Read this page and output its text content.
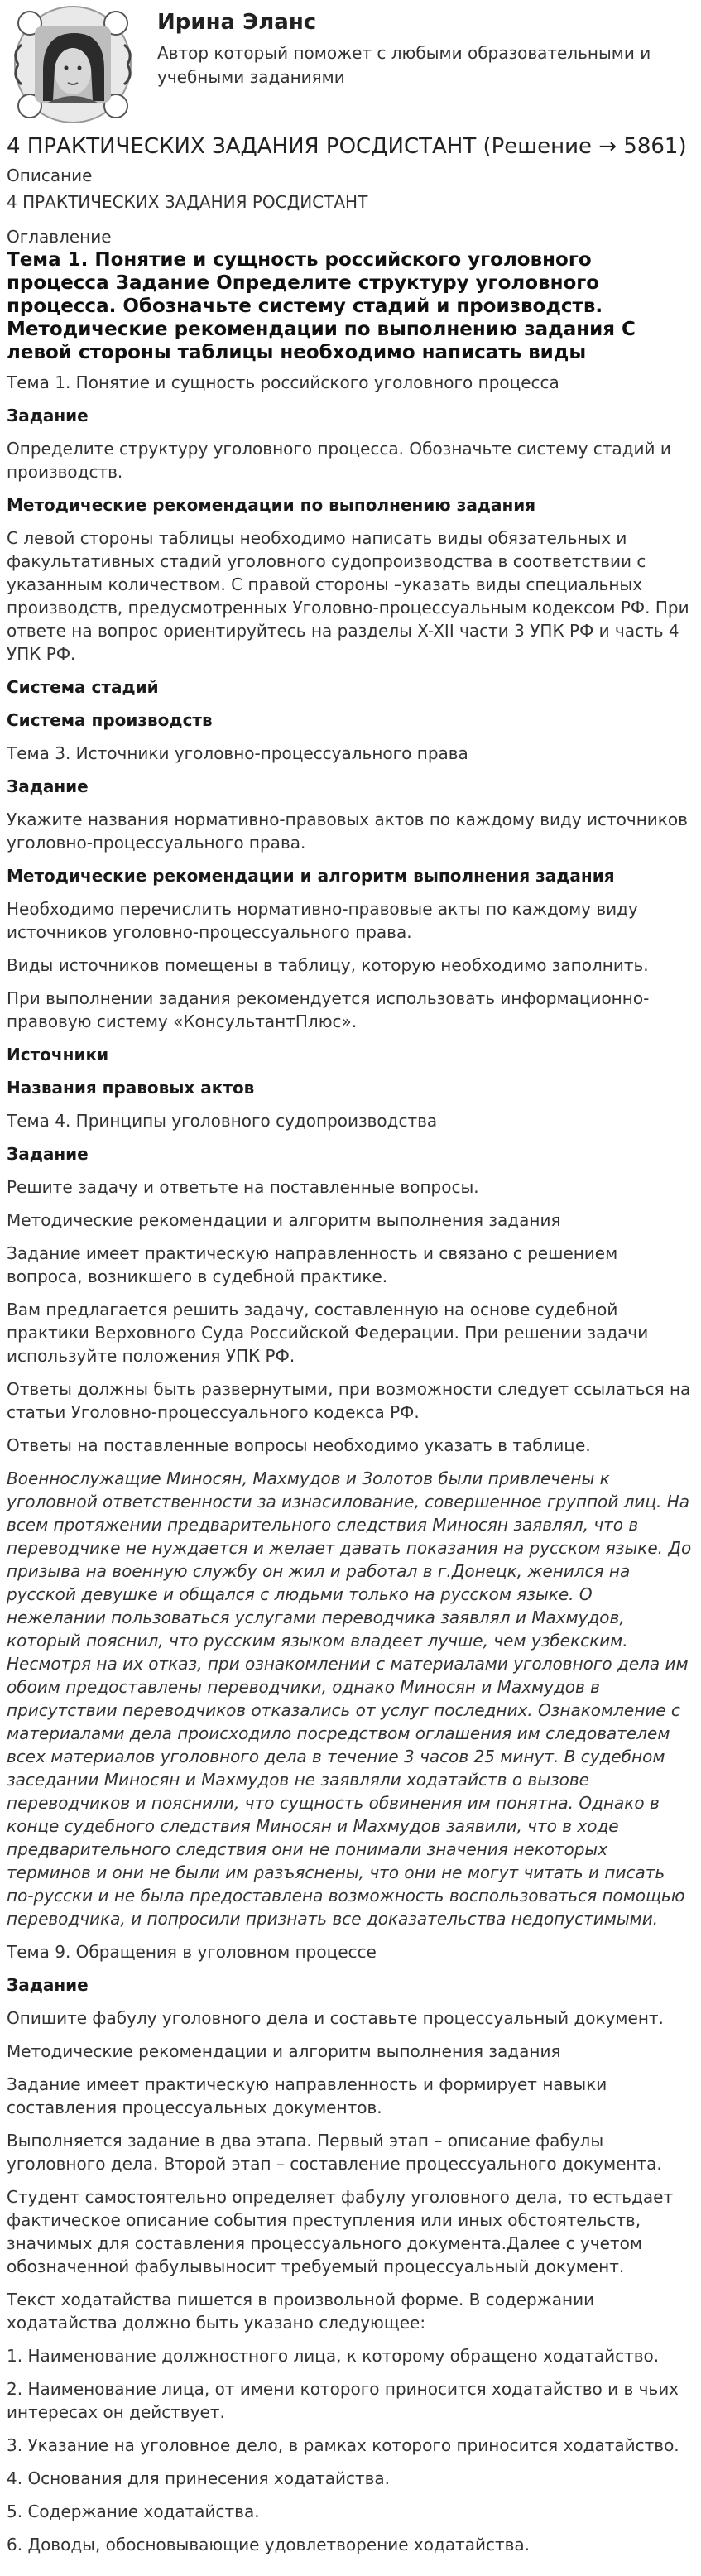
Ирина Эланс
Автор который поможет с любыми образовательными и учебными заданиями
4 ПРАКТИЧЕСКИХ ЗАДАНИЯ РОСДИСТАНТ (Решение → 5861)
Описание
4 ПРАКТИЧЕСКИХ ЗАДАНИЯ РОСДИСТАНТ
Оглавление
Тема 1. Понятие и сущность российского уголовного процесса Задание Определите структуру уголовного процесса. Обозначьте систему стадий и производств. Методические рекомендации по выполнению задания С левой стороны таблицы необходимо написать виды

Тема 1. Понятие и сущность российского уголовного процесса

Задание

Определите структуру уголовного процесса. Обозначьте систему стадий и производств.

Методические рекомендации по выполнению задания

С левой стороны таблицы необходимо написать виды обязательных и факультативных стадий уголовного судопроизводства в соответствии с указанным количеством. С правой стороны –указать виды специальных производств, предусмотренных Уголовно-процессуальным кодексом РФ. При ответе на вопрос ориентируйтесь на разделы X-XII части 3 УПК РФ и часть 4 УПК РФ.

Система стадий

Система производств

Тема 3. Источники уголовно-процессуального права

Задание

Укажите названия нормативно-правовых актов по каждому виду источников уголовно-процессуального права.

Методические рекомендации и алгоритм выполнения задания

Необходимо перечислить нормативно-правовые акты по каждому виду источников уголовно-процессуального права.

Виды источников помещены в таблицу, которую необходимо заполнить.

При выполнении задания рекомендуется использовать информационно-правовую систему «КонсультантПлюс».

Источники

Названия правовых актов

Тема 4. Принципы уголовного судопроизводства

Задание

Решите задачу и ответьте на поставленные вопросы.

Методические рекомендации и алгоритм выполнения задания

Задание имеет практическую направленность и связано с решением вопроса, возникшего в судебной практике.

Вам предлагается решить задачу, составленную на основе судебной практики Верховного Суда Российской Федерации. При решении задачи используйте положения УПК РФ.

Ответы должны быть развернутыми, при возможности следует ссылаться на статьи Уголовно-процессуального кодекса РФ.

Ответы на поставленные вопросы необходимо указать в таблице.

Военнослужащие Миносян, Махмудов и Золотов были привлечены к уголовной ответственности за изнасилование, совершенное группой лиц. На всем протяжении предварительного следствия Миносян заявлял, что в переводчике не нуждается и желает давать показания на русском языке. До призыва на военную службу он жил и работал в г.Донецк, женился на русской девушке и общался с людьми только на русском языке. О нежелании пользоваться услугами переводчика заявлял и Махмудов, который пояснил, что русским языком владеет лучше, чем узбекским. Несмотря на их отказ, при ознакомлении с материалами уголовного дела им обоим предоставлены переводчики, однако Миносян и Махмудов в присутствии переводчиков отказались от услуг последних. Ознакомление с материалами дела происходило посредством оглашения им следователем всех материалов уголовного дела в течение 3 часов 25 минут. В судебном заседании Миносян и Махмудов не заявляли ходатайств о вызове переводчиков и пояснили, что сущность обвинения им понятна. Однако в конце судебного следствия Миносян и Махмудов заявили, что в ходе предварительного следствия они не понимали значения некоторых терминов и они не были им разъяснены, что они не могут читать и писать по-русски и не была предоставлена возможность воспользоваться помощью переводчика, и попросили признать все доказательства недопустимыми.

Тема 9. Обращения в уголовном процессе

Задание

Опишите фабулу уголовного дела и составьте процессуальный документ.

Методические рекомендации и алгоритм выполнения задания

Задание имеет практическую направленность и формирует навыки составления процессуальных документов.

Выполняется задание в два этапа. Первый этап – описание фабулы уголовного дела. Второй этап – составление процессуального документа.

Студент самостоятельно определяет фабулу уголовного дела, то естьдает фактическое описание события преступления или иных обстоятельств, значимых для составления процессуального документа.Далее с учетом обозначенной фабулывыносит требуемый процессуальный документ.

Текст ходатайства пишется в произвольной форме. В содержании ходатайства должно быть указано следующее:

1. Наименование должностного лица, к которому обращено ходатайство.

2. Наименование лица, от имени которого приносится ходатайство и в чьих интересах он действует.

3. Указание на уголовное дело, в рамках которого приносится ходатайство.

4. Основания для принесения ходатайства.

5. Содержание ходатайства.

6. Доводы, обосновывающие удовлетворение ходатайства.
